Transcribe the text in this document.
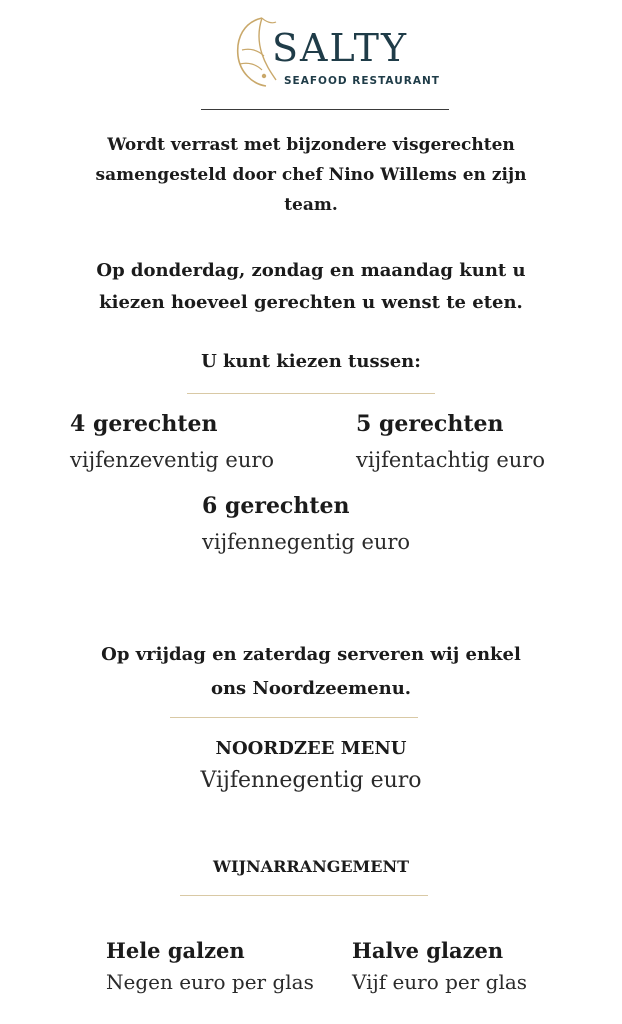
SALTY
SEAFOOD RESTAURANT
Wordt verrast met bijzondere visgerechten
samengesteld door chef Nino Willems en zijn
team.
Op donderdag, zondag en maandag kunt u
kiezen hoeveel gerechten u wenst te eten.
U kunt kiezen tussen:
4 gerechten
vijfenzeventig euro
5 gerechten
vijfentachtig euro
6 gerechten
vijfennegentig euro
Op vrijdag en zaterdag serveren wij enkel
ons Noordzeemenu.
NOORDZEE MENU
Vijfennegentig euro
WIJNARRANGEMENT
Hele galzen
Negen euro per glas
Halve glazen
Vijf euro per glas
